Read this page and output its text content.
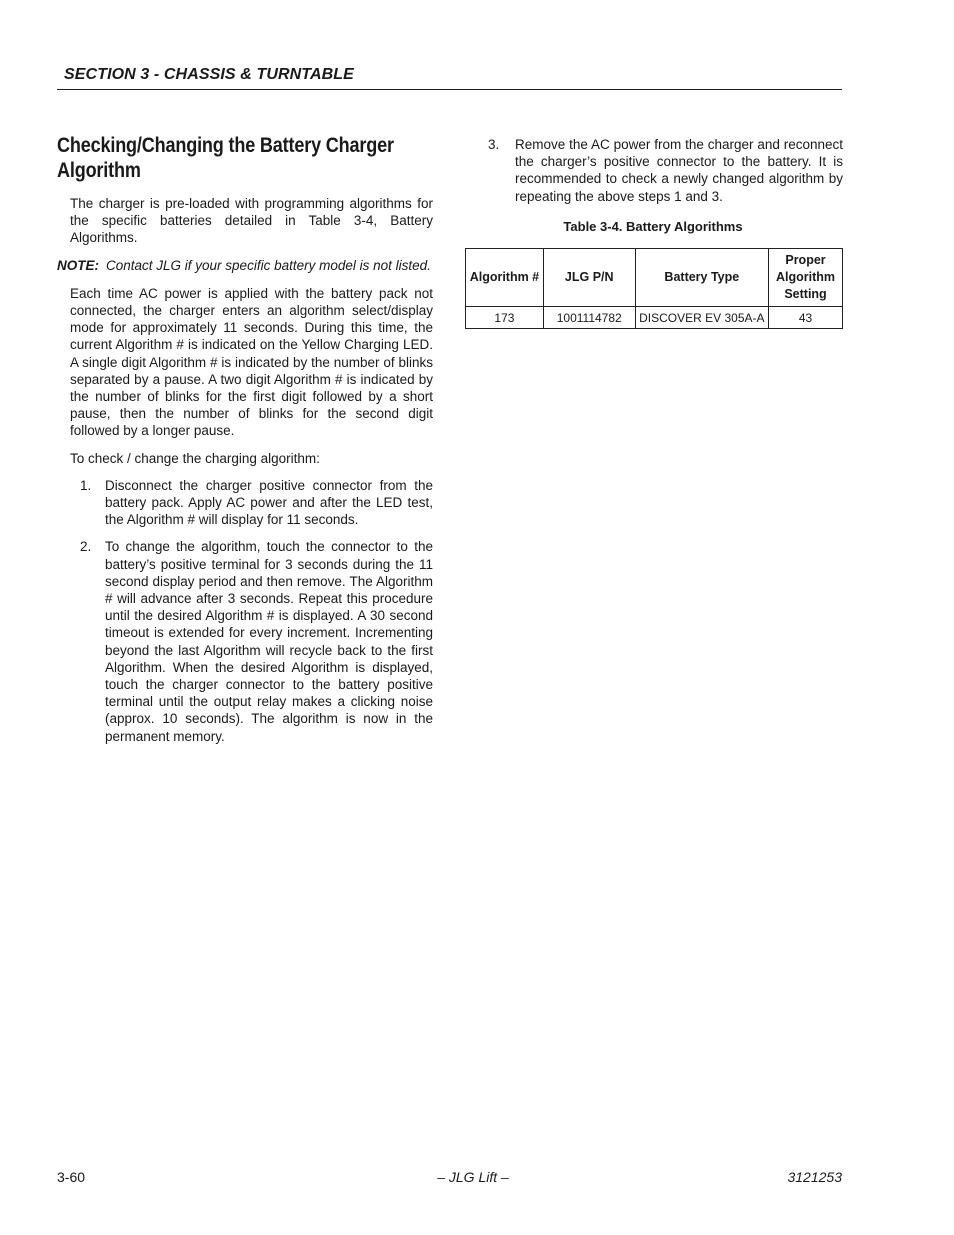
SECTION 3 - CHASSIS & TURNTABLE
Checking/Changing the Battery Charger Algorithm

The charger is pre-loaded with programming algorithms for the specific batteries detailed in Table 3-4, Battery Algorithms.

NOTE: Contact JLG if your specific battery model is not listed.

Each time AC power is applied with the battery pack not connected, the charger enters an algorithm select/display mode for approximately 11 seconds. During this time, the current Algorithm # is indicated on the Yellow Charging LED. A single digit Algorithm # is indicated by the number of blinks separated by a pause. A two digit Algorithm # is indicated by the number of blinks for the first digit followed by a short pause, then the number of blinks for the second digit followed by a longer pause.

To check / change the charging algorithm:

1.	Disconnect the charger positive connector from the battery pack. Apply AC power and after the LED test, the Algorithm # will display for 11 seconds.
2.	To change the algorithm, touch the connector to the battery’s positive terminal for 3 seconds during the 11 second display period and then remove. The Algorithm # will advance after 3 seconds. Repeat this procedure until the desired Algorithm # is displayed. A 30 second timeout is extended for every increment. Incrementing beyond the last Algorithm will recycle back to the first Algorithm. When the desired Algorithm is displayed, touch the charger connector to the battery positive terminal until the output relay makes a clicking noise (approx. 10 seconds). The algorithm is now in the permanent memory.
3.	Remove the AC power from the charger and reconnect the charger’s positive connector to the battery. It is recommended to check a newly changed algorithm by repeating the above steps 1 and 3.
Table 3-4. Battery Algorithms
Algorithm #	JLG P/N	Battery Type	Proper Algorithm Setting
173	1001114782	DISCOVER EV 305A-A	43
3-60	– JLG Lift –	3121253
